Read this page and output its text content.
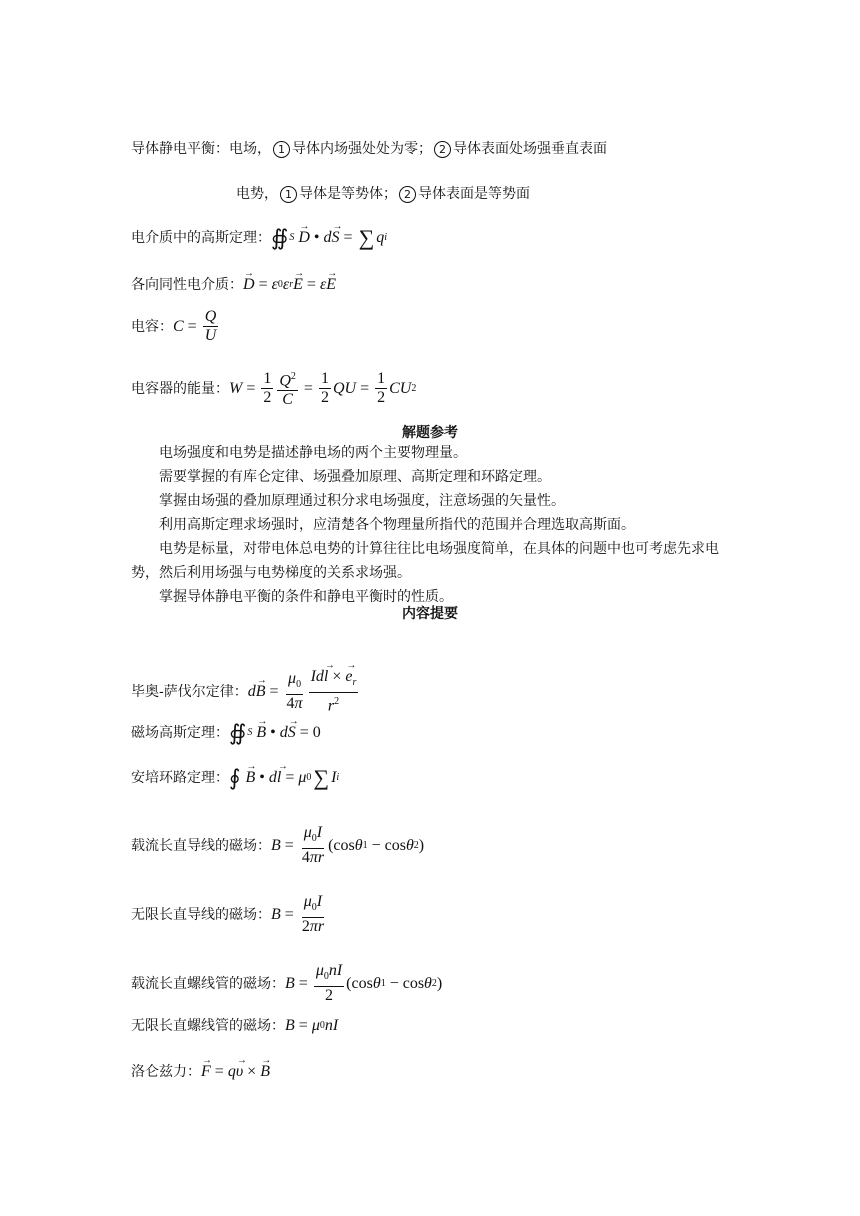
导体静电平衡：电场， 1 导体内场强处处为零； 2 导体表面处场强垂直表面
电势， 1 导体是等势体； 2 导体表面是等势面
电介质中的高斯定理： ∯ S

→ D • d
→ S = ∑ q i
各向同性电介质：
→ D = ε 0 ε r
→ E = ε
→ E
电容： $C = \frac{Q}{U}$
电容器的能量： $W = \frac{1}{2} \frac{Q^2}{C} = \frac{1}{2}$ QU = $\frac{1}{2}$ CU 2
解题参考

电场强度和电势是描述静电场的两个主要物理量。

需要掌握的有库仑定律、场强叠加原理、高斯定理和环路定理。

掌握由场强的叠加原理通过积分求电场强度，注意场强的矢量性。

利用高斯定理求场强时，应清楚各个物理量所指代的范围并合理选取高斯面。

电势是标量，对带电体总电势的计算往往比电场强度简单，在具体的问题中也可考虑先求电势，然后利用场强与电势梯度的关系求场强。

掌握导体静电平衡的条件和静电平衡时的性质。

内容提要
毕奥-萨伐尔定律： d
→ $B = \frac{\mu_0}{4\pi} \frac{Id\to l \times \to e_r}{r^2}$
磁场高斯定理： ∯ S

→ B • d
→ S = 0
安培环路定理： ∮

→ B • d
→ l = μ 0 ∑ I i
载流长直导线的磁场： $B = \frac{\mu_0I}{4\pi r} (\cos$ θ 1 − cos θ 2 )
无限长直导线的磁场： $B = \frac{\mu_0I}{2\pi r}$
载流长直螺线管的磁场： $B = \frac{\mu_0nI}{2} (\cos$ θ 1 − cos θ 2 )
无限长直螺线管的磁场： B = μ 0 nI
洛仑兹力：
→ F = q
→ υ ×
→ B
